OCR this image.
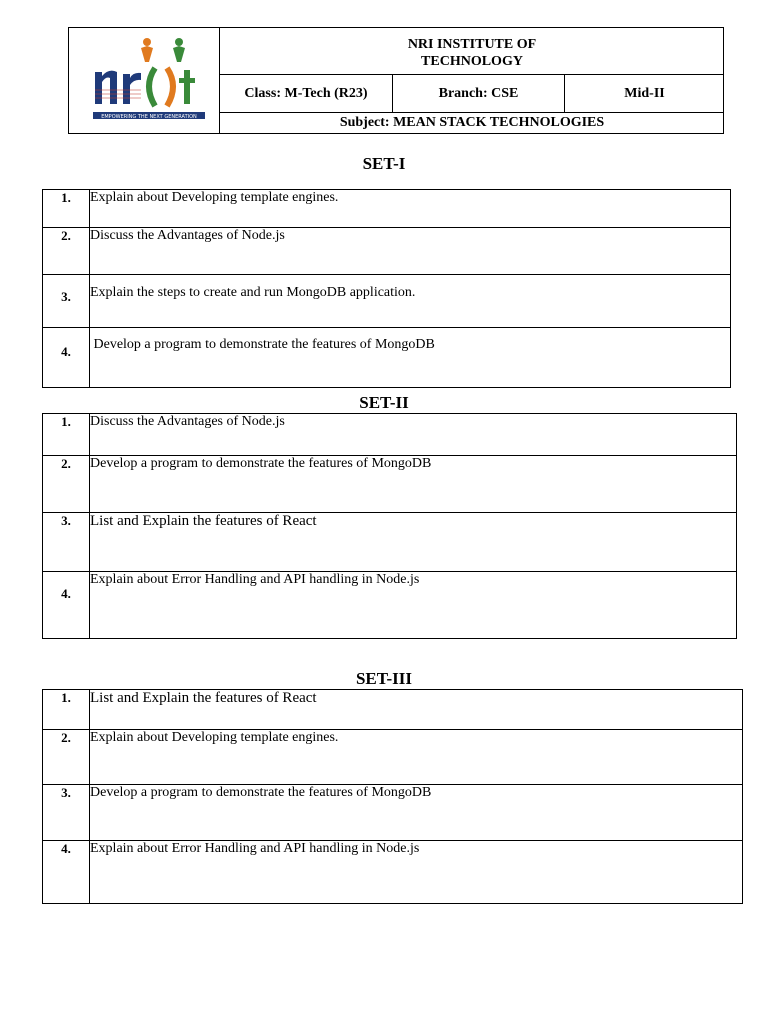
EMPOWERING THE NEXT GENERATION
NRI INSTITUTE OF TECHNOLOGY
Class: M-Tech (R23)	Branch: CSE	Mid-II
Subject: MEAN STACK TECHNOLOGIES
SET-I
1.	Explain about Developing template engines.
2.	Discuss the Advantages of Node.js
3.	Explain the steps to create and run MongoDB application.
4.	Develop a program to demonstrate the features of MongoDB
SET-II
1.	Discuss the Advantages of Node.js
2.	Develop a program to demonstrate the features of MongoDB
3.	List and Explain the features of React
4.	Explain about Error Handling and API handling in Node.js
SET-III
1.	List and Explain the features of React
2.	Explain about Developing template engines.
3.	Develop a program to demonstrate the features of MongoDB
4.	Explain about Error Handling and API handling in Node.js
